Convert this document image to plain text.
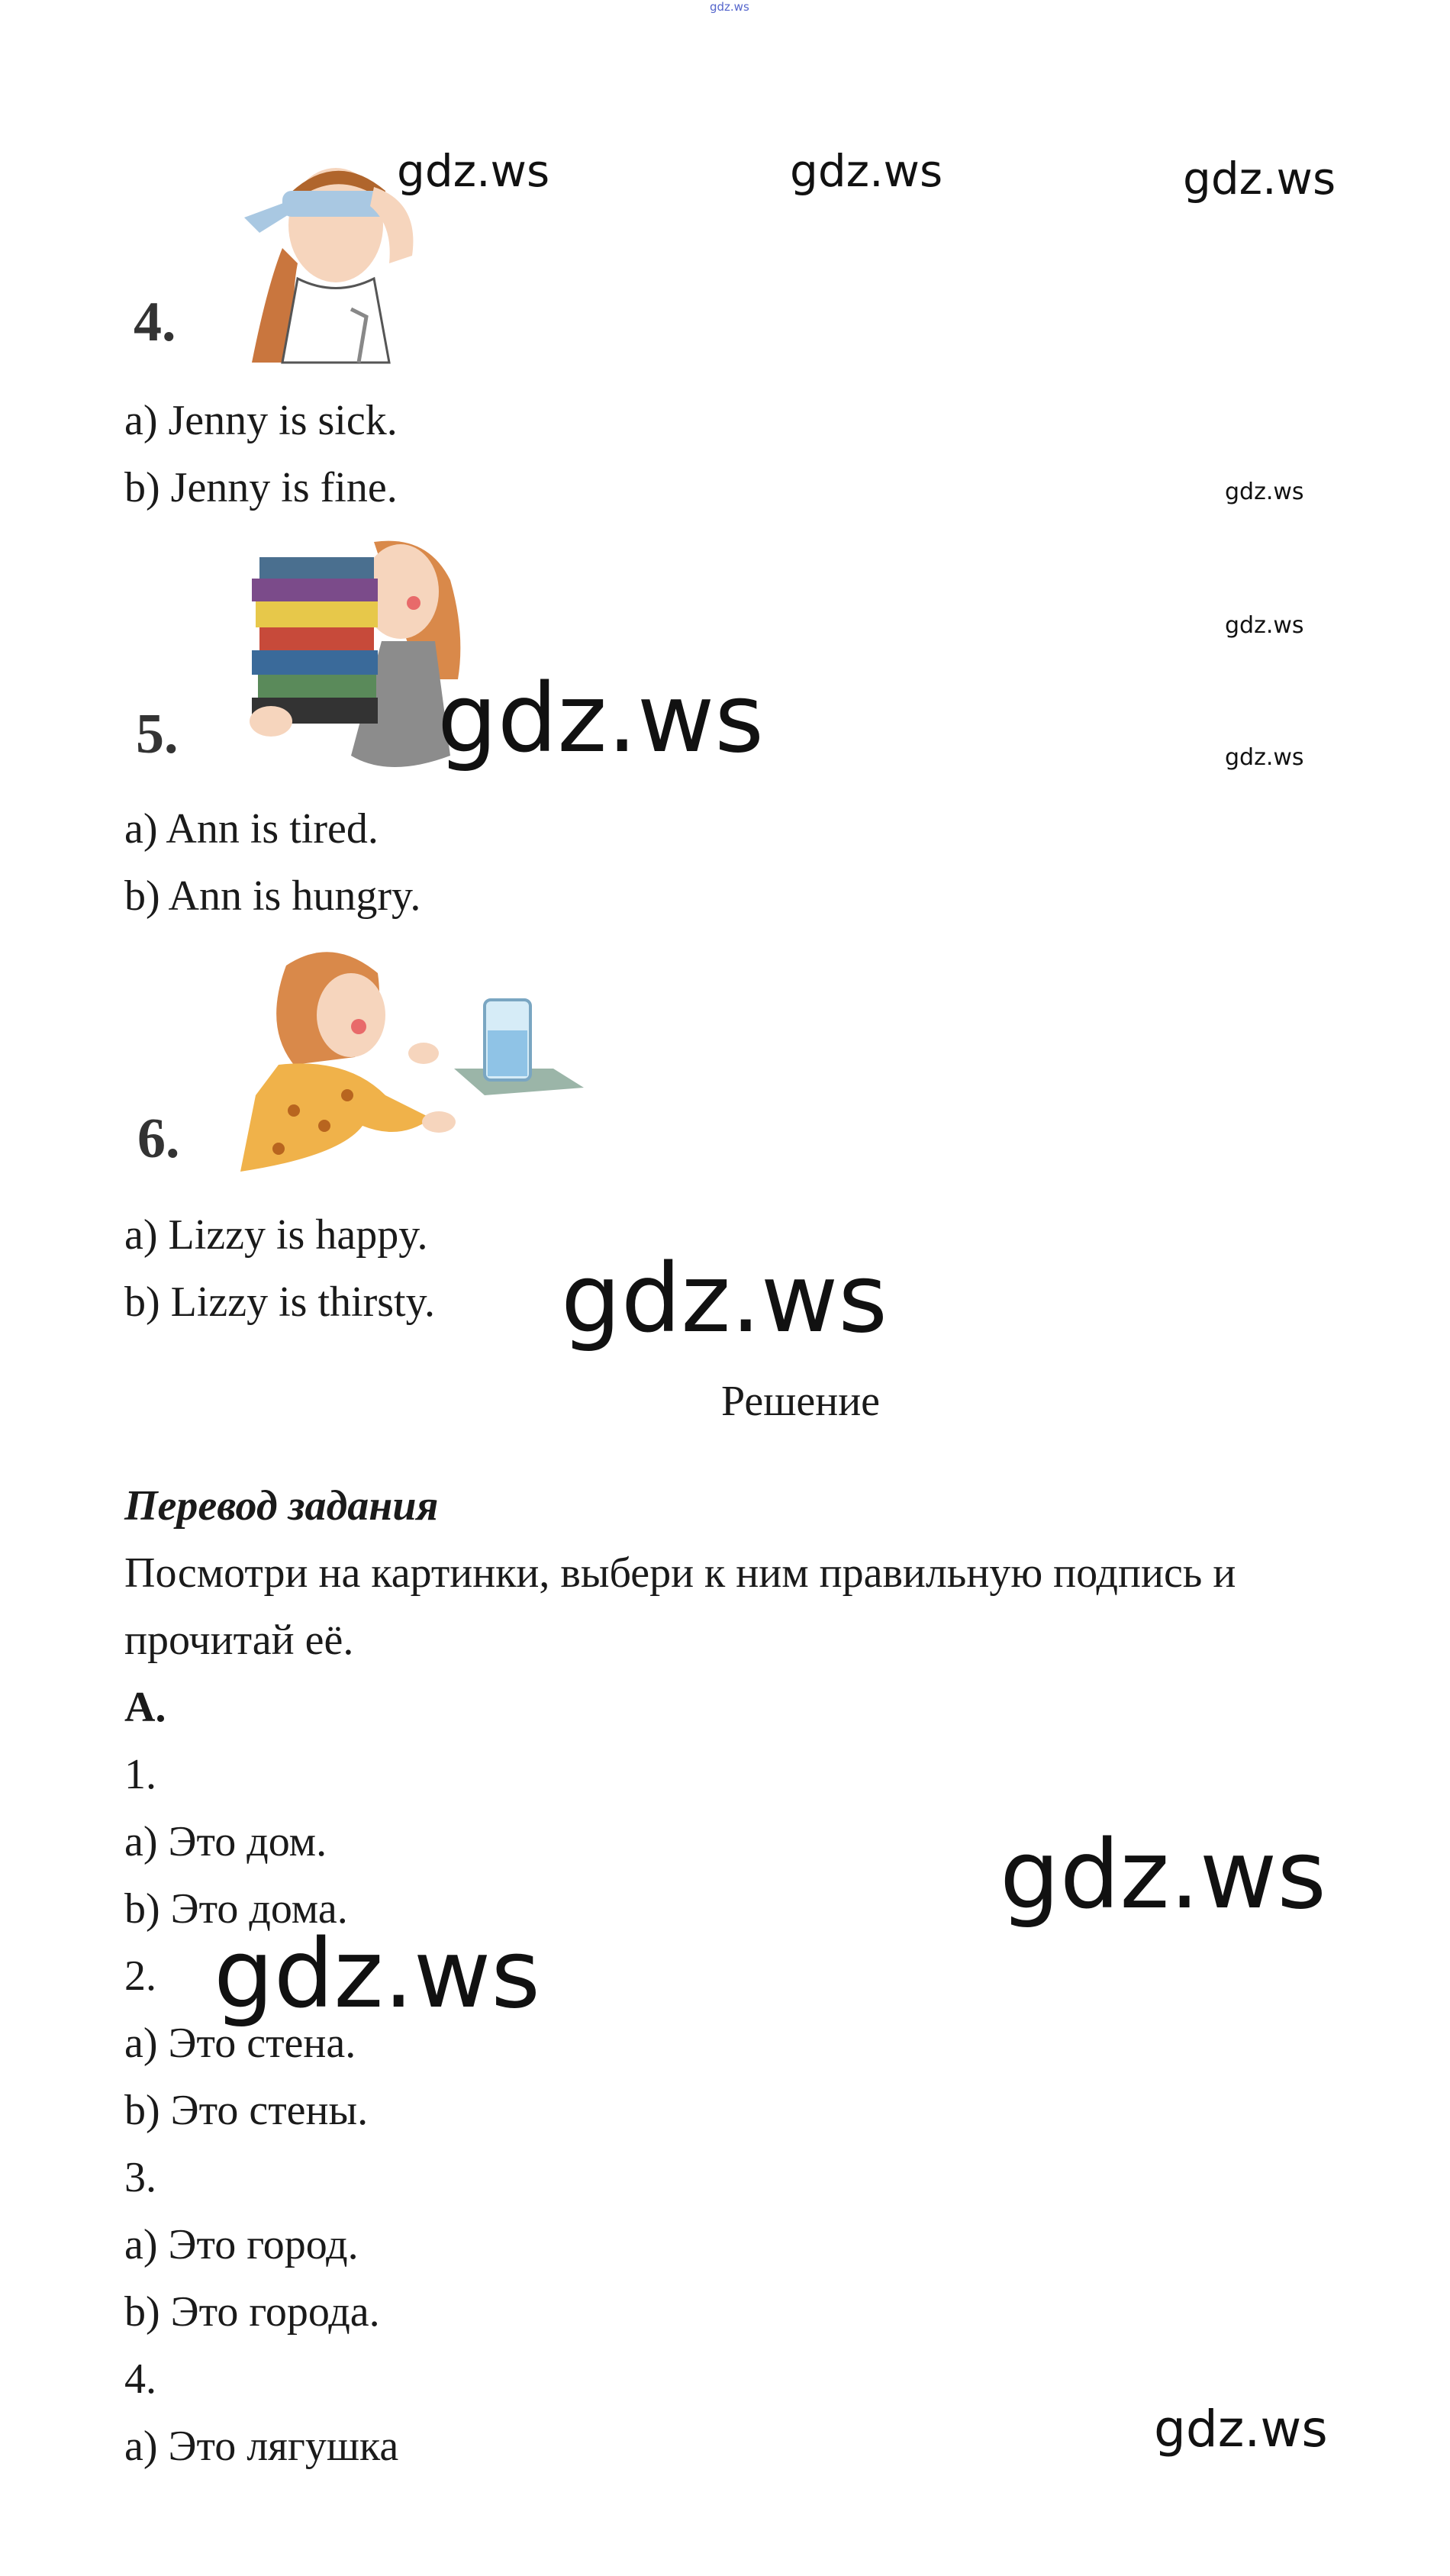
gdz.ws
4.
gdz.ws	gdz.ws	gdz.ws
a) Jenny is sick.
b) Jenny is fine.	gdz.ws
5.
gdz.ws
gdz.ws
gdz.ws
a) Ann is tired.
b) Ann is hungry.
6.
a) Lizzy is happy.
b) Lizzy is thirsty. gdz.ws
Решение
Перевод задания
Посмотри на картинки, выбери к ним правильную подпись и
прочитай её.
A.
1.
a) Это дом.
b) Это дома.	gdz.ws
2. gdz.ws
a) Это стена.
b) Это стены.
3.
a) Это город.
b) Это города.
4.
a) Это лягушка	gdz.ws
